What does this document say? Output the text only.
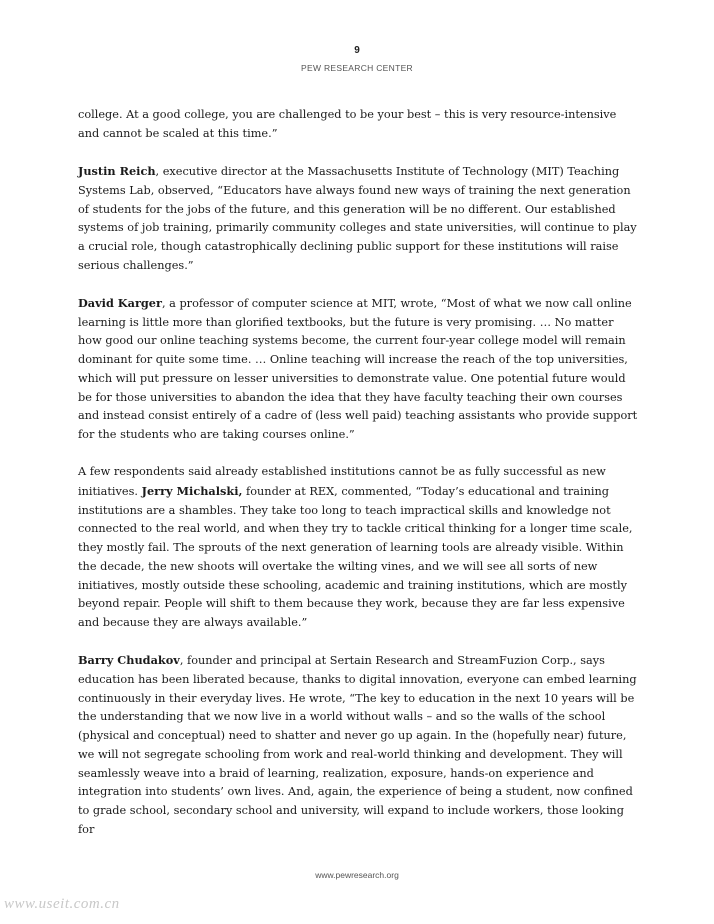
9
PEW RESEARCH CENTER

college. At a good college, you are challenged to be your best – this is very resource-intensive and cannot be scaled at this time.”

Justin Reich, executive director at the Massachusetts Institute of Technology (MIT) Teaching Systems Lab, observed, “Educators have always found new ways of training the next generation of students for the jobs of the future, and this generation will be no different. Our established systems of job training, primarily community colleges and state universities, will continue to play a crucial role, though catastrophically declining public support for these institutions will raise serious challenges.”

David Karger, a professor of computer science at MIT, wrote, “Most of what we now call online learning is little more than glorified textbooks, but the future is very promising. … No matter how good our online teaching systems become, the current four-year college model will remain dominant for quite some time. … Online teaching will increase the reach of the top universities, which will put pressure on lesser universities to demonstrate value. One potential future would be for those universities to abandon the idea that they have faculty teaching their own courses and instead consist entirely of a cadre of (less well paid) teaching assistants who provide support for the students who are taking courses online.”

A few respondents said already established institutions cannot be as fully successful as new initiatives. Jerry Michalski, founder at REX, commented, “Today’s educational and training institutions are a shambles. They take too long to teach impractical skills and knowledge not connected to the real world, and when they try to tackle critical thinking for a longer time scale, they mostly fail. The sprouts of the next generation of learning tools are already visible. Within the decade, the new shoots will overtake the wilting vines, and we will see all sorts of new initiatives, mostly outside these schooling, academic and training institutions, which are mostly beyond repair. People will shift to them because they work, because they are far less expensive and because they are always available.”

Barry Chudakov, founder and principal at Sertain Research and StreamFuzion Corp., says education has been liberated because, thanks to digital innovation, everyone can embed learning continuously in their everyday lives. He wrote, “The key to education in the next 10 years will be the understanding that we now live in a world without walls – and so the walls of the school (physical and conceptual) need to shatter and never go up again. In the (hopefully near) future, we will not segregate schooling from work and real-world thinking and development. They will seamlessly weave into a braid of learning, realization, exposure, hands-on experience and integration into students’ own lives. And, again, the experience of being a student, now confined to grade school, secondary school and university, will expand to include workers, those looking for

www.pewresearch.org
www.useit.com.cn
